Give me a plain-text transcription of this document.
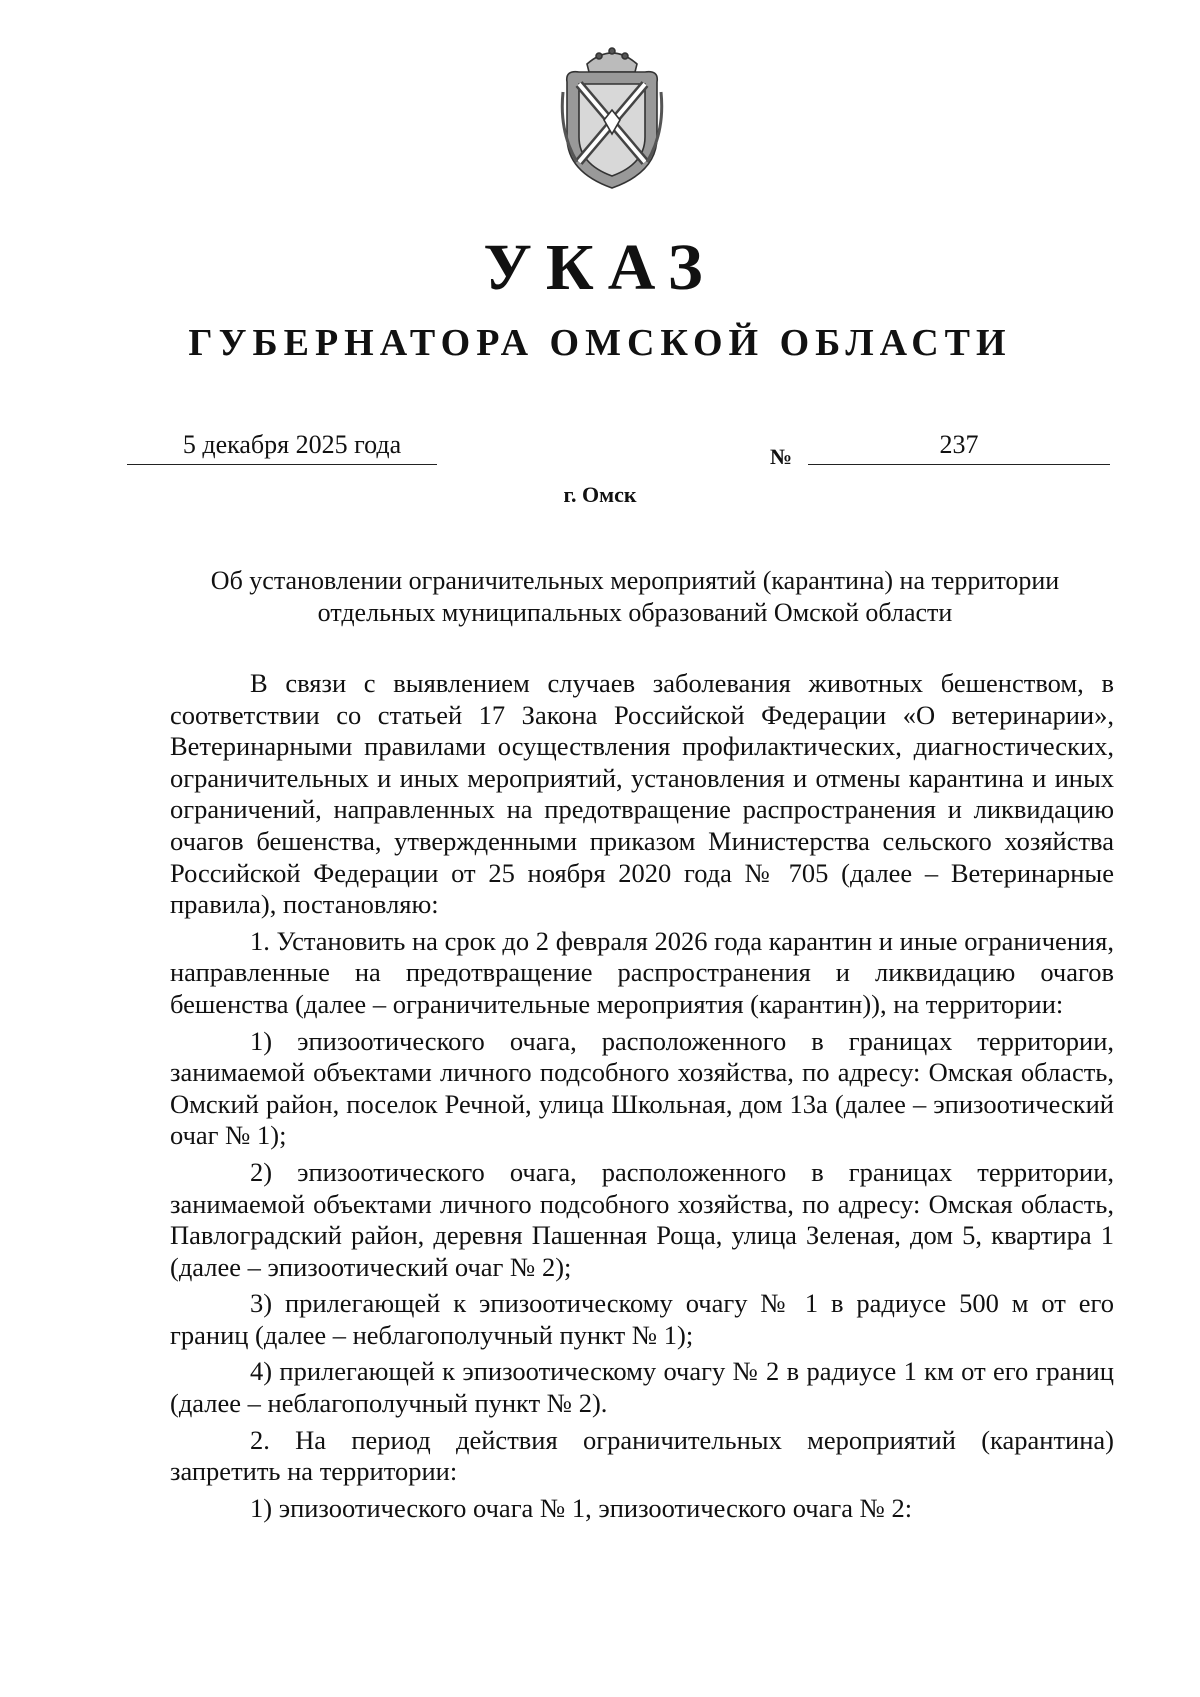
УКАЗ
ГУБЕРНАТОРА ОМСКОЙ ОБЛАСТИ
5 декабря 2025 года	№	237
г. Омск
Об установлении ограничительных мероприятий (карантина) на территории
отдельных муниципальных образований Омской области

В связи с выявлением случаев заболевания животных бешенством, в соответствии со статьей 17 Закона Российской Федерации «О ветеринарии», Ветеринарными правилами осуществления профилактических, диагностических, ограничительных и иных мероприятий, установления и отмены карантина и иных ограничений, направленных на предотвращение распространения и ликвидацию очагов бешенства, утвержденными приказом Министерства сельского хозяйства Российской Федерации от 25 ноября 2020 года № 705 (далее – Ветеринарные правила), постановляю:

1. Установить на срок до 2 февраля 2026 года карантин и иные ограничения, направленные на предотвращение распространения и ликвидацию очагов бешенства (далее – ограничительные мероприятия (карантин)), на территории:

1) эпизоотического очага, расположенного в границах территории, занимаемой объектами личного подсобного хозяйства, по адресу: Омская область, Омский район, поселок Речной, улица Школьная, дом 13а (далее – эпизоотический очаг № 1);

2) эпизоотического очага, расположенного в границах территории, занимаемой объектами личного подсобного хозяйства, по адресу: Омская область, Павлоградский район, деревня Пашенная Роща, улица Зеленая, дом 5, квартира 1 (далее – эпизоотический очаг № 2);

3) прилегающей к эпизоотическому очагу № 1 в радиусе 500 м от его границ (далее – неблагополучный пункт № 1);

4) прилегающей к эпизоотическому очагу № 2 в радиусе 1 км от его границ (далее – неблагополучный пункт № 2).

2. На период действия ограничительных мероприятий (карантина) запретить на территории:

1) эпизоотического очага № 1, эпизоотического очага № 2:
